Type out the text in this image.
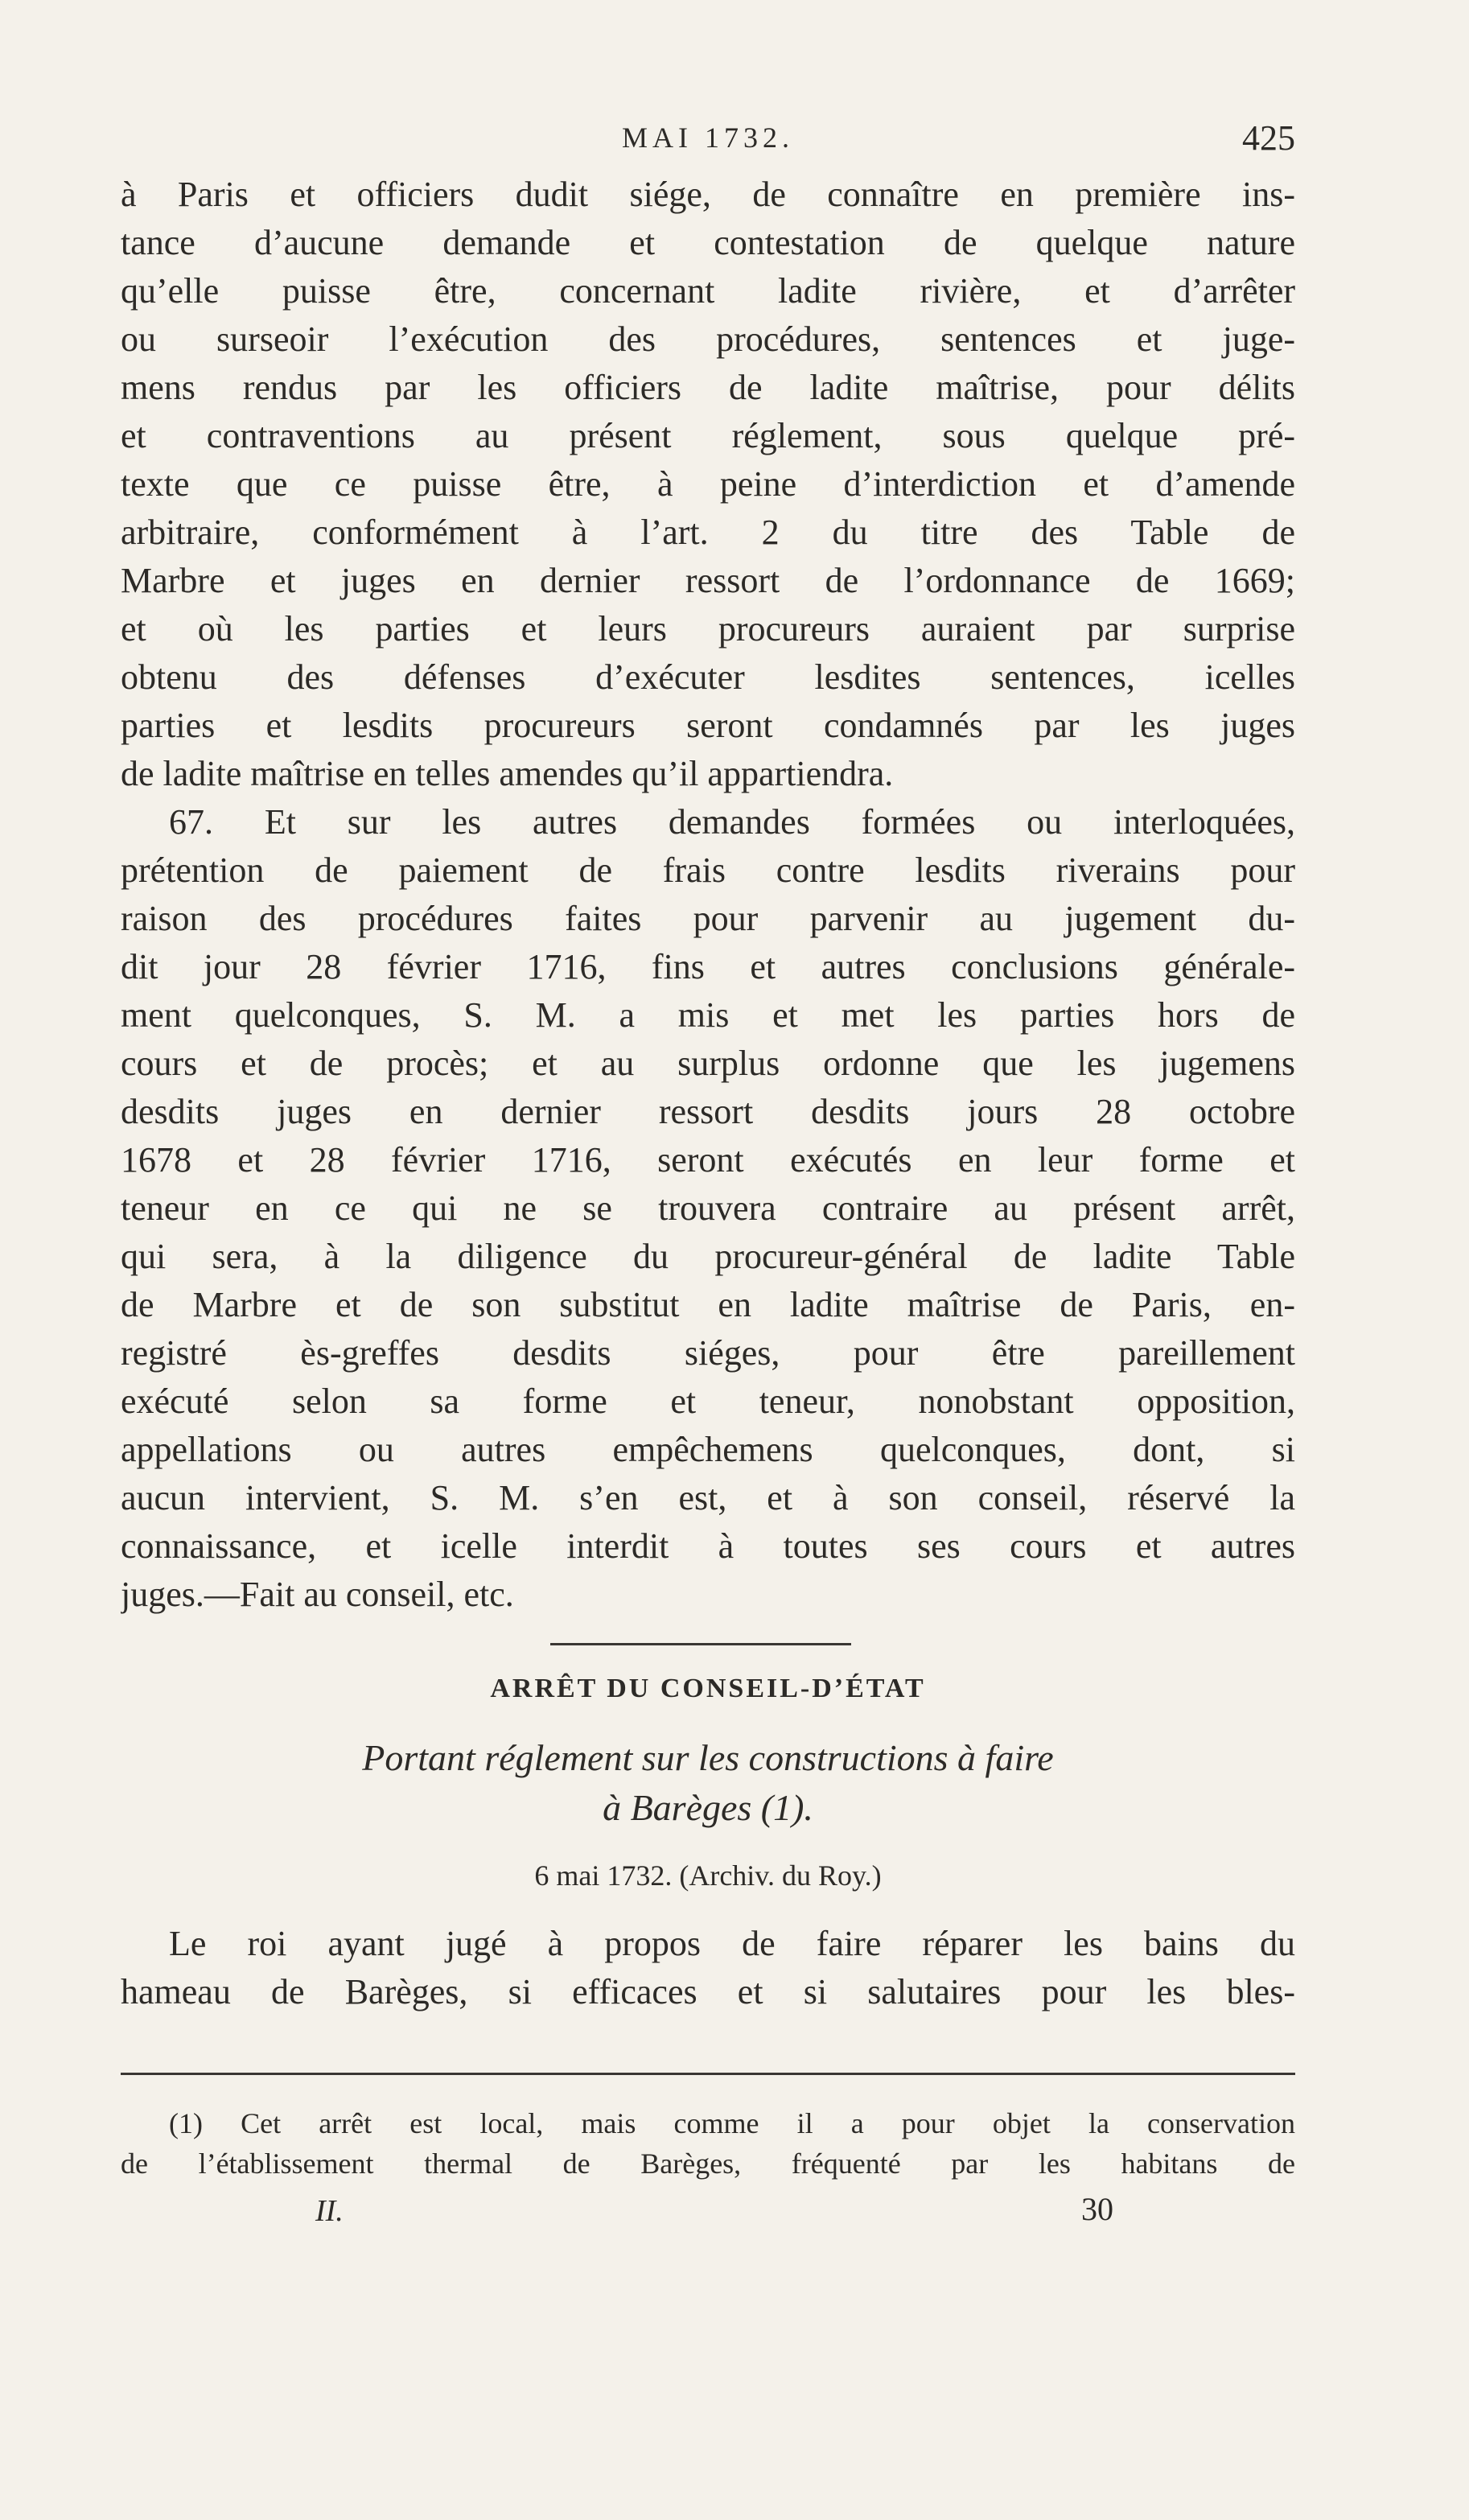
MAI 1732.	425
à Paris et officiers dudit siége, de connaître en première ins-
tance d’aucune demande et contestation de quelque nature
qu’elle puisse être, concernant ladite rivière, et d’arrêter
ou surseoir l’exécution des procédures, sentences et juge-
mens rendus par les officiers de ladite maîtrise, pour délits
et contraventions au présent réglement, sous quelque pré-
texte que ce puisse être, à peine d’interdiction et d’amende
arbitraire, conformément à l’art. 2 du titre des Table de
Marbre et juges en dernier ressort de l’ordonnance de 1669;
et où les parties et leurs procureurs auraient par surprise
obtenu des défenses d’exécuter lesdites sentences, icelles
parties et lesdits procureurs seront condamnés par les juges
de ladite maîtrise en telles amendes qu’il appartiendra.
67. Et sur les autres demandes formées ou interloquées,
prétention de paiement de frais contre lesdits riverains pour
raison des procédures faites pour parvenir au jugement du-
dit jour 28 février 1716, fins et autres conclusions générale-
ment quelconques, S. M. a mis et met les parties hors de
cours et de procès; et au surplus ordonne que les jugemens
desdits juges en dernier ressort desdits jours 28 octobre
1678 et 28 février 1716, seront exécutés en leur forme et
teneur en ce qui ne se trouvera contraire au présent arrêt,
qui sera, à la diligence du procureur-général de ladite Table
de Marbre et de son substitut en ladite maîtrise de Paris, en-
registré ès-greffes desdits siéges, pour être pareillement
exécuté selon sa forme et teneur, nonobstant opposition,
appellations ou autres empêchemens quelconques, dont, si
aucun intervient, S. M. s’en est, et à son conseil, réservé la
connaissance, et icelle interdit à toutes ses cours et autres
juges.—Fait au conseil, etc.
ARRÊT DU CONSEIL-D’ÉTAT
Portant réglement sur les constructions à faire
à Barèges (1).
6 mai 1732. (Archiv. du Roy.)
Le roi ayant jugé à propos de faire réparer les bains du
hameau de Barèges, si efficaces et si salutaires pour les bles-
(1) Cet arrêt est local, mais comme il a pour objet la conservation
de l’établissement thermal de Barèges, fréquenté par les habitans de
II.	30
